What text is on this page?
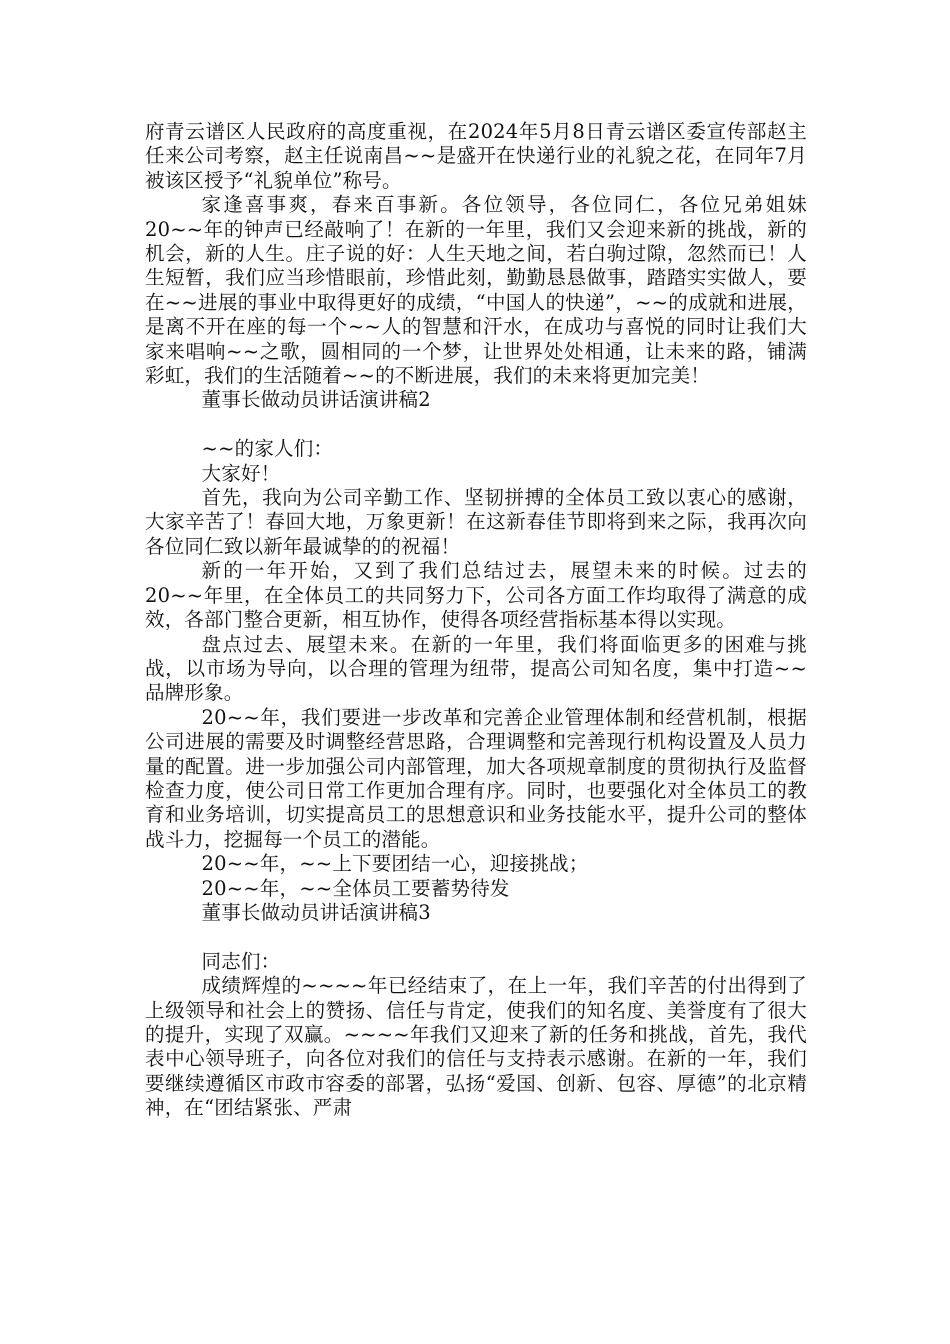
府青云谱区人民政府的高度重视，在2024年5月8日青云谱区委宣传部赵主任来公司考察，赵主任说南昌~~是盛开在快递行业的礼貌之花，在同年7月被该区授予“礼貌单位”称号。

家逢喜事爽，春来百事新。各位领导，各位同仁，各位兄弟姐妹20~~年的钟声已经敲响了！在新的一年里，我们又会迎来新的挑战，新的机会，新的人生。庄子说的好：人生天地之间，若白驹过隙，忽然而已！人生短暂，我们应当珍惜眼前，珍惜此刻，勤勤恳恳做事，踏踏实实做人，要在~~进展的事业中取得更好的成绩，“中国人的快递”，~~的成就和进展，是离不开在座的每一个~~人的智慧和汗水，在成功与喜悦的同时让我们大家来唱响~~之歌，圆相同的一个梦，让世界处处相通，让未来的路，铺满彩虹，我们的生活随着~~的不断进展，我们的未来将更加完美！

董事长做动员讲话演讲稿2

~~的家人们：

大家好！

首先，我向为公司辛勤工作、坚韧拼搏的全体员工致以衷心的感谢，大家辛苦了！春回大地，万象更新！在这新春佳节即将到来之际，我再次向各位同仁致以新年最诚挚的的祝福！

新的一年开始，又到了我们总结过去，展望未来的时候。过去的20~~年里，在全体员工的共同努力下，公司各方面工作均取得了满意的成效，各部门整合更新，相互协作，使得各项经营指标基本得以实现。

盘点过去、展望未来。在新的一年里，我们将面临更多的困难与挑战，以市场为导向，以合理的管理为纽带，提高公司知名度，集中打造~~品牌形象。

20~~年，我们要进一步改革和完善企业管理体制和经营机制，根据公司进展的需要及时调整经营思路，合理调整和完善现行机构设置及人员力量的配置。进一步加强公司内部管理，加大各项规章制度的贯彻执行及监督检查力度，使公司日常工作更加合理有序。同时，也要强化对全体员工的教育和业务培训，切实提高员工的思想意识和业务技能水平，提升公司的整体战斗力，挖掘每一个员工的潜能。

20~~年，~~上下要团结一心，迎接挑战；

20~~年，~~全体员工要蓄势待发

董事长做动员讲话演讲稿3

同志们：

成绩辉煌的~~~~年已经结束了，在上一年，我们辛苦的付出得到了上级领导和社会上的赞扬、信任与肯定，使我们的知名度、美誉度有了很大的提升，实现了双赢。~~~~年我们又迎来了新的任务和挑战，首先，我代表中心领导班子，向各位对我们的信任与支持表示感谢。在新的一年，我们要继续遵循区市政市容委的部署，弘扬“爱国、创新、包容、厚德”的北京精神，在“团结紧张、严肃
